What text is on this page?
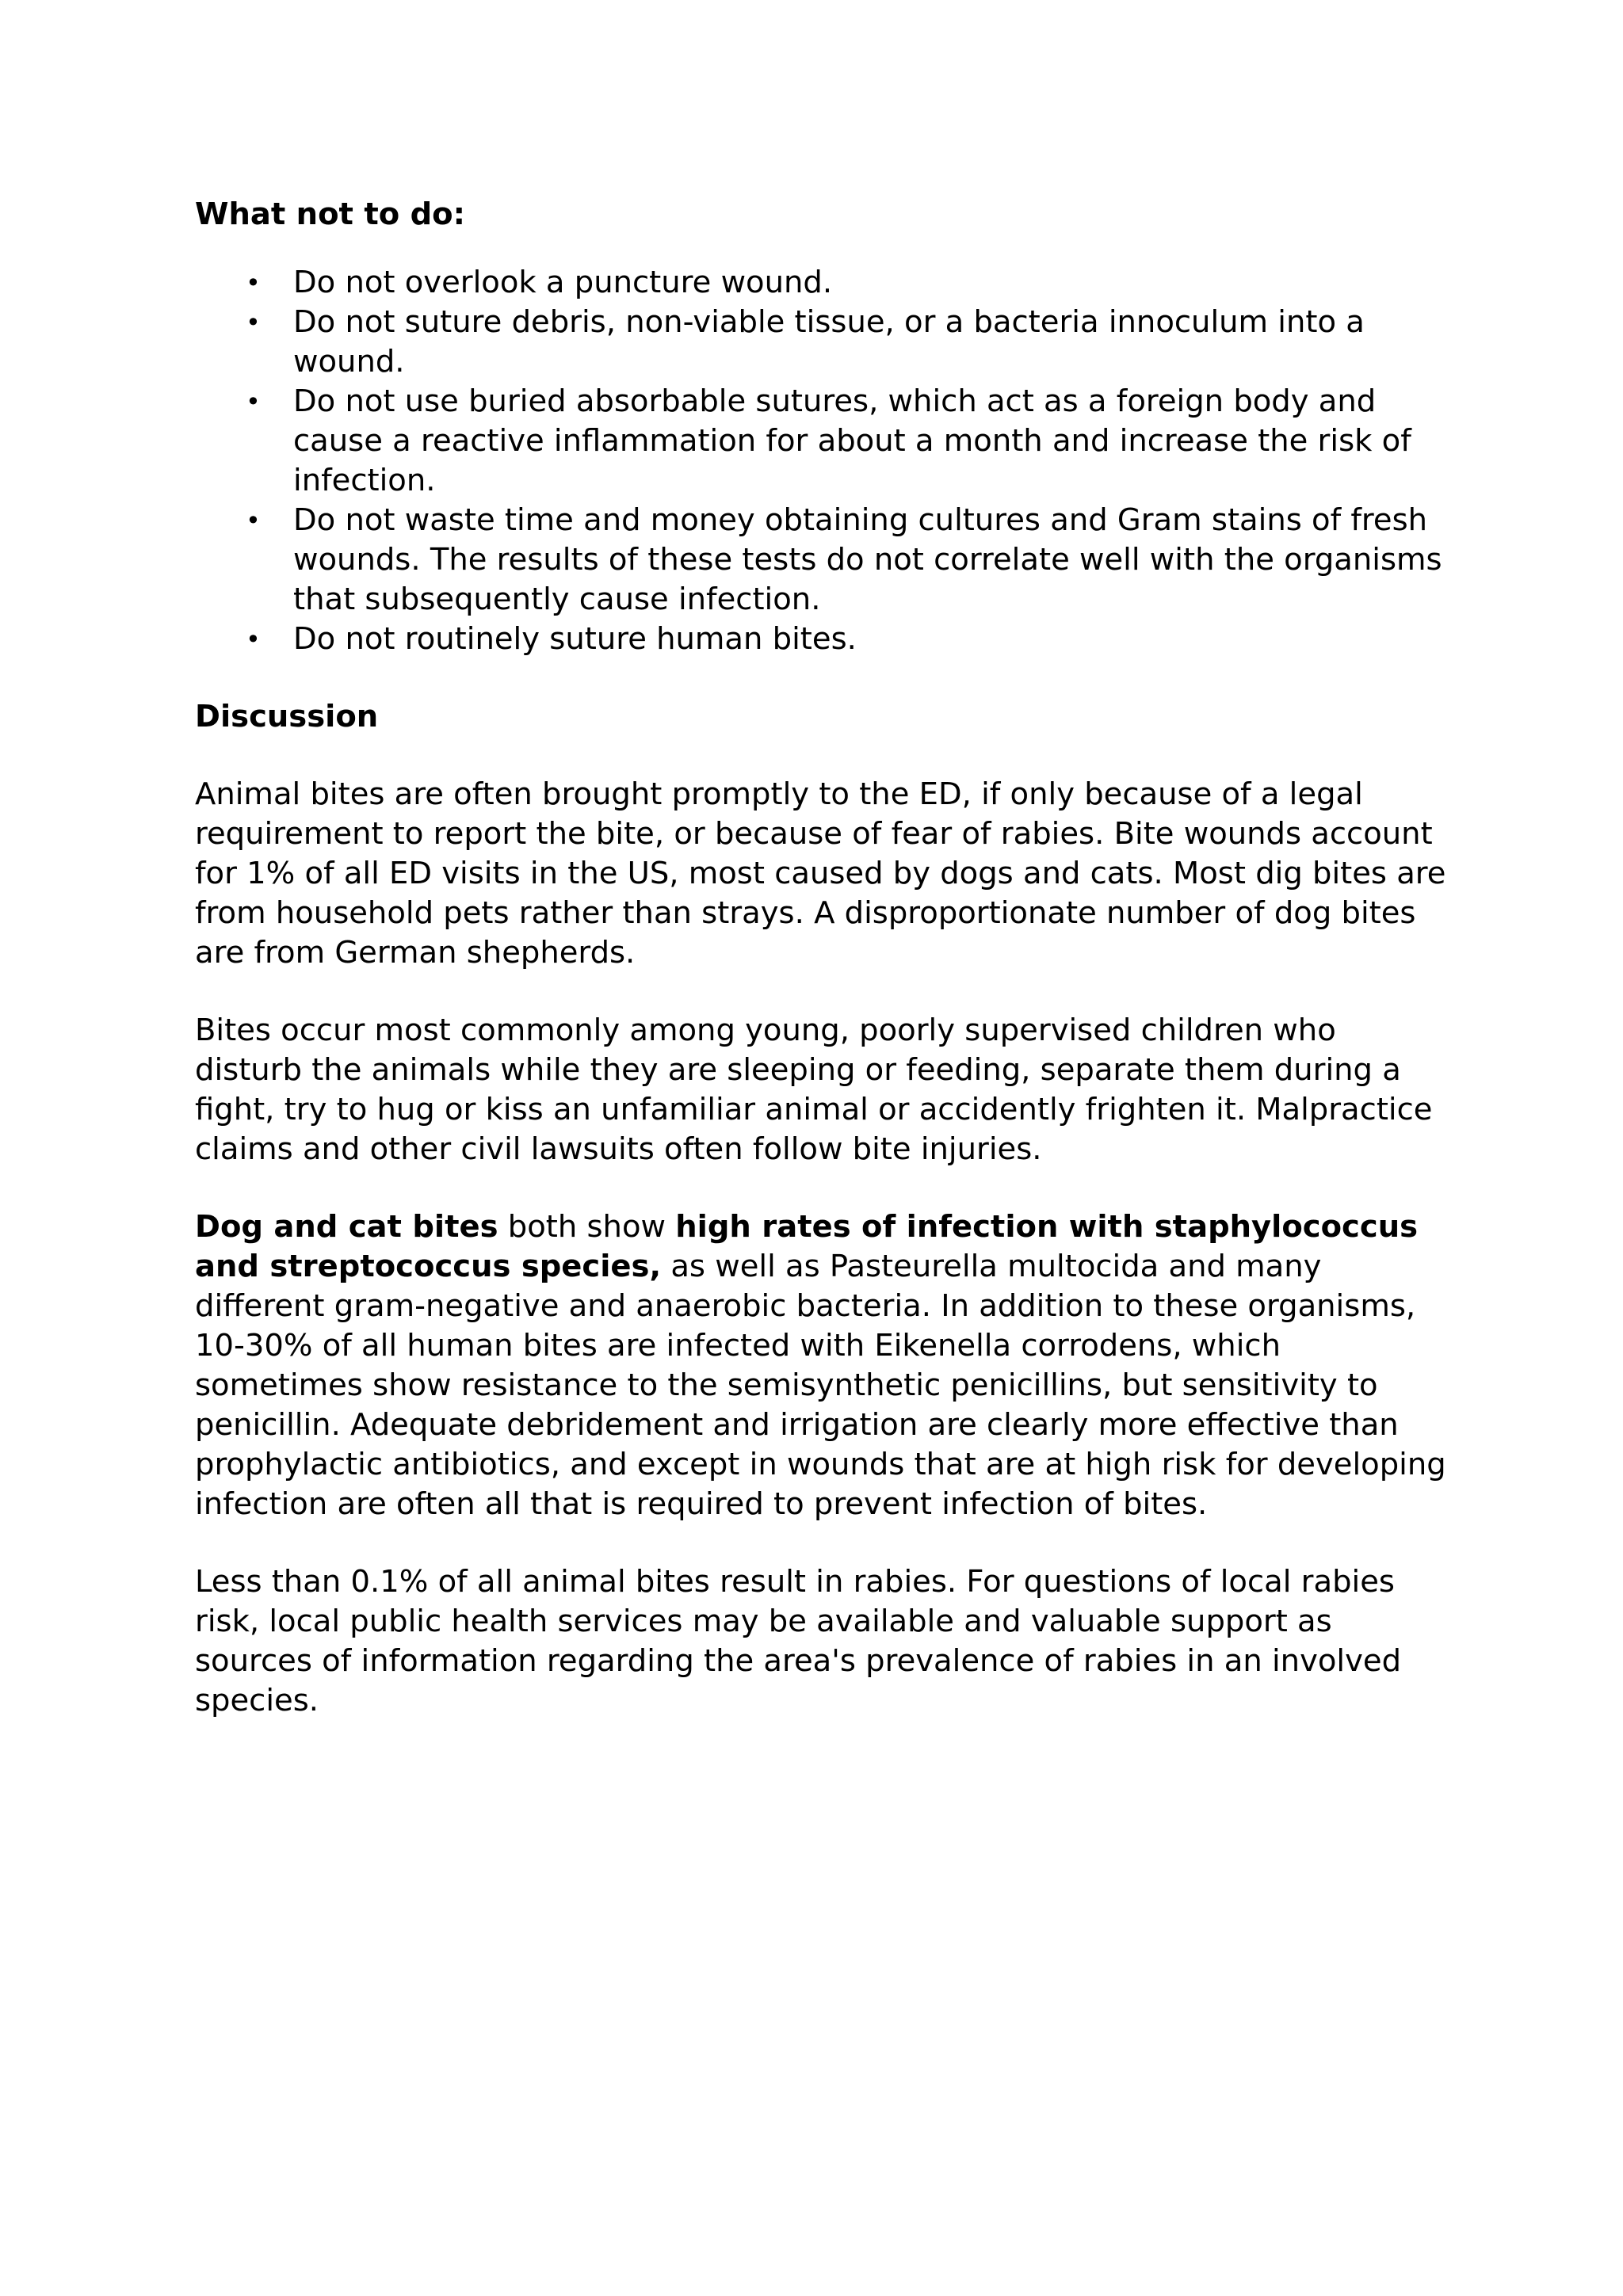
What not to do:

• Do not overlook a puncture wound.
• Do not suture debris, non-viable tissue, or a bacteria innoculum into a wound.
• Do not use buried absorbable sutures, which act as a foreign body and cause a reactive inflammation for about a month and increase the risk of infection.
• Do not waste time and money obtaining cultures and Gram stains of fresh wounds. The results of these tests do not correlate well with the organisms that subsequently cause infection.
• Do not routinely suture human bites.

Discussion

Animal bites are often brought promptly to the ED, if only because of a legal requirement to report the bite, or because of fear of rabies. Bite wounds account for 1% of all ED visits in the US, most caused by dogs and cats. Most dig bites are from household pets rather than strays. A disproportionate number of dog bites are from German shepherds.

Bites occur most commonly among young, poorly supervised children who disturb the animals while they are sleeping or feeding, separate them during a fight, try to hug or kiss an unfamiliar animal or accidently frighten it. Malpractice claims and other civil lawsuits often follow bite injuries.

Dog and cat bites both show high rates of infection with staphylococcus and streptococcus species, as well as Pasteurella multocida and many different gram-negative and anaerobic bacteria. In addition to these organisms, 10-30% of all human bites are infected with Eikenella corrodens, which sometimes show resistance to the semisynthetic penicillins, but sensitivity to penicillin. Adequate debridement and irrigation are clearly more effective than prophylactic antibiotics, and except in wounds that are at high risk for developing infection are often all that is required to prevent infection of bites.

Less than 0.1% of all animal bites result in rabies. For questions of local rabies risk, local public health services may be available and valuable support as sources of information regarding the area's prevalence of rabies in an involved species.
